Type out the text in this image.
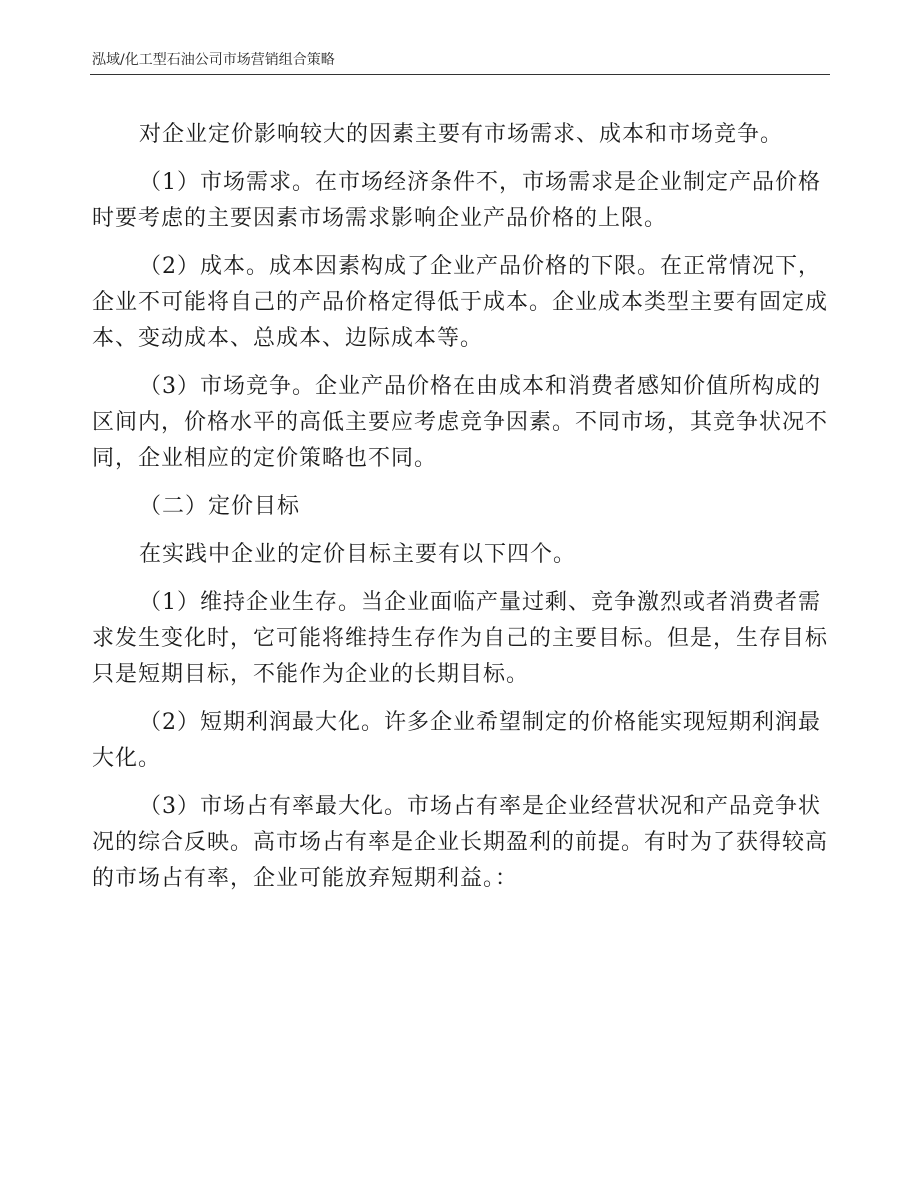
泓域/化工型石油公司市场营销组合策略

对企业定价影响较大的因素主要有市场需求、成本和市场竞争。

（1）市场需求。在市场经济条件不，市场需求是企业制定产品价格时要考虑的主要因素市场需求影响企业产品价格的上限。

（2）成本。成本因素构成了企业产品价格的下限。在正常情况下，企业不可能将自己的产品价格定得低于成本。企业成本类型主要有固定成本、变动成本、总成本、边际成本等。

（3）市场竞争。企业产品价格在由成本和消费者感知价值所构成的区间内，价格水平的高低主要应考虑竞争因素。不同市场，其竞争状况不同，企业相应的定价策略也不同。

（二）定价目标

在实践中企业的定价目标主要有以下四个。

（1）维持企业生存。当企业面临产量过剩、竞争激烈或者消费者需求发生变化时，它可能将维持生存作为自己的主要目标。但是，生存目标只是短期目标，不能作为企业的长期目标。

（2）短期利润最大化。许多企业希望制定的价格能实现短期利润最大化。

（3）市场占有率最大化。市场占有率是企业经营状况和产品竞争状况的综合反映。高市场占有率是企业长期盈利的前提。有时为了获得较高的市场占有率，企业可能放弃短期利益。：
